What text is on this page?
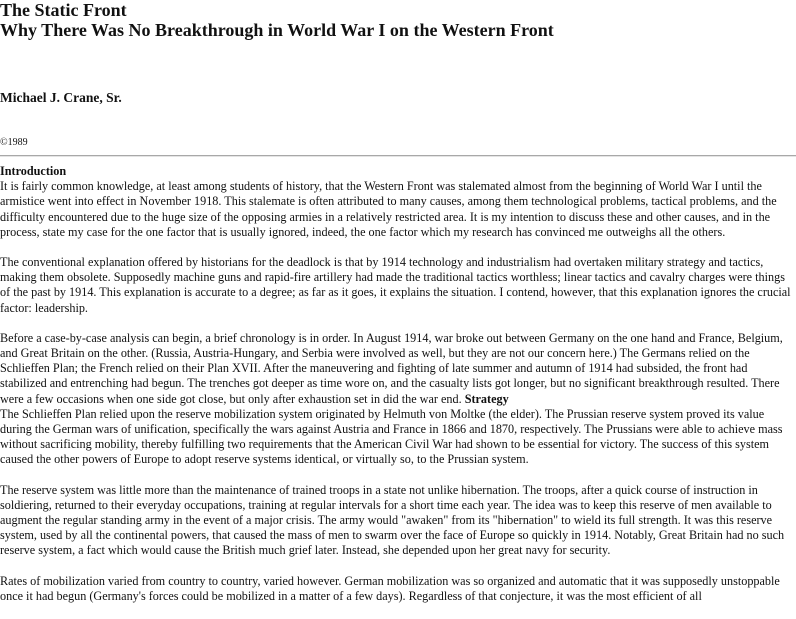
The Static Front
Why There Was No Breakthrough in World War I on the Western Front
Michael J. Crane, Sr.
©1989
Introduction

It is fairly common knowledge, at least among students of history, that the Western Front was stalemated almost from the beginning of World War I until the armistice went into effect in November 1918. This stalemate is often attributed to many causes, among them technological problems, tactical problems, and the difficulty encountered due to the huge size of the opposing armies in a relatively restricted area. It is my intention to discuss these and other causes, and in the process, state my case for the one factor that is usually ignored, indeed, the one factor which my research has convinced me outweighs all the others.

The conventional explanation offered by historians for the deadlock is that by 1914 technology and industrialism had overtaken military strategy and tactics, making them obsolete. Supposedly machine guns and rapid-fire artillery had made the traditional tactics worthless; linear tactics and cavalry charges were things of the past by 1914. This explanation is accurate to a degree; as far as it goes, it explains the situation. I contend, however, that this explanation ignores the crucial factor: leadership.

Before a case-by-case analysis can begin, a brief chronology is in order. In August 1914, war broke out between Germany on the one hand and France, Belgium, and Great Britain on the other. (Russia, Austria-Hungary, and Serbia were involved as well, but they are not our concern here.) The Germans relied on the Schlieffen Plan; the French relied on their Plan XVII. After the maneuvering and fighting of late summer and autumn of 1914 had subsided, the front had stabilized and entrenching had begun. The trenches got deeper as time wore on, and the casualty lists got longer, but no significant breakthrough resulted. There were a few occasions when one side got close, but only after exhaustion set in did the war end. Strategy

The Schlieffen Plan relied upon the reserve mobilization system originated by Helmuth von Moltke (the elder). The Prussian reserve system proved its value during the German wars of unification, specifically the wars against Austria and France in 1866 and 1870, respectively. The Prussians were able to achieve mass without sacrificing mobility, thereby fulfilling two requirements that the American Civil War had shown to be essential for victory. The success of this system caused the other powers of Europe to adopt reserve systems identical, or virtually so, to the Prussian system.

The reserve system was little more than the maintenance of trained troops in a state not unlike hibernation. The troops, after a quick course of instruction in soldiering, returned to their everyday occupations, training at regular intervals for a short time each year. The idea was to keep this reserve of men available to augment the regular standing army in the event of a major crisis. The army would "awaken" from its "hibernation" to wield its full strength. It was this reserve system, used by all the continental powers, that caused the mass of men to swarm over the face of Europe so quickly in 1914. Notably, Great Britain had no such reserve system, a fact which would cause the British much grief later. Instead, she depended upon her great navy for security.

Rates of mobilization varied from country to country, varied however. German mobilization was so organized and automatic that it was supposedly unstoppable once it had begun (Germany's forces could be mobilized in a matter of a few days). Regardless of that conjecture, it was the most efficient of all
